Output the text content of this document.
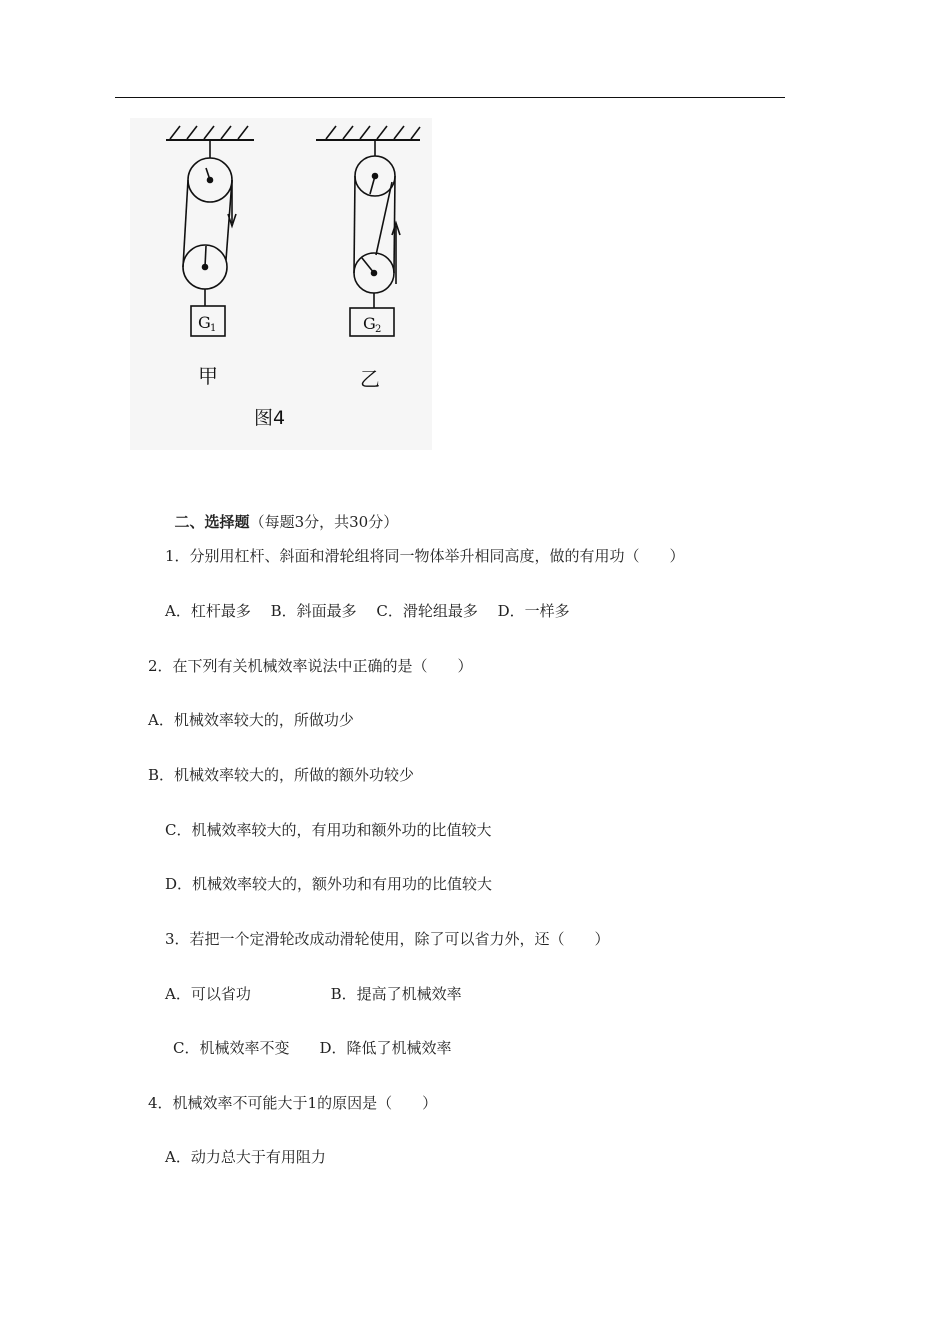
G 1
甲
G 2
乙
图4

二、选择题（每题3分，共30分）

1．分别用杠杆、斜面和滑轮组将同一物体举升相同高度，做的有用功（　　）
A．杠杆最多　 B．斜面最多　 C．滑轮组最多　 D．一样多
2．在下列有关机械效率说法中正确的是（　　）
A．机械效率较大的，所做功少
B．机械效率较大的，所做的额外功较少
C．机械效率较大的，有用功和额外功的比值较大
D．机械效率较大的，额外功和有用功的比值较大
3．若把一个定滑轮改成动滑轮使用，除了可以省力外，还（　　）
A．可以省功　　　　　 B．提高了机械效率
C．机械效率不变　　D．降低了机械效率
4．机械效率不可能大于1的原因是（　　）
A．动力总大于有用阻力
